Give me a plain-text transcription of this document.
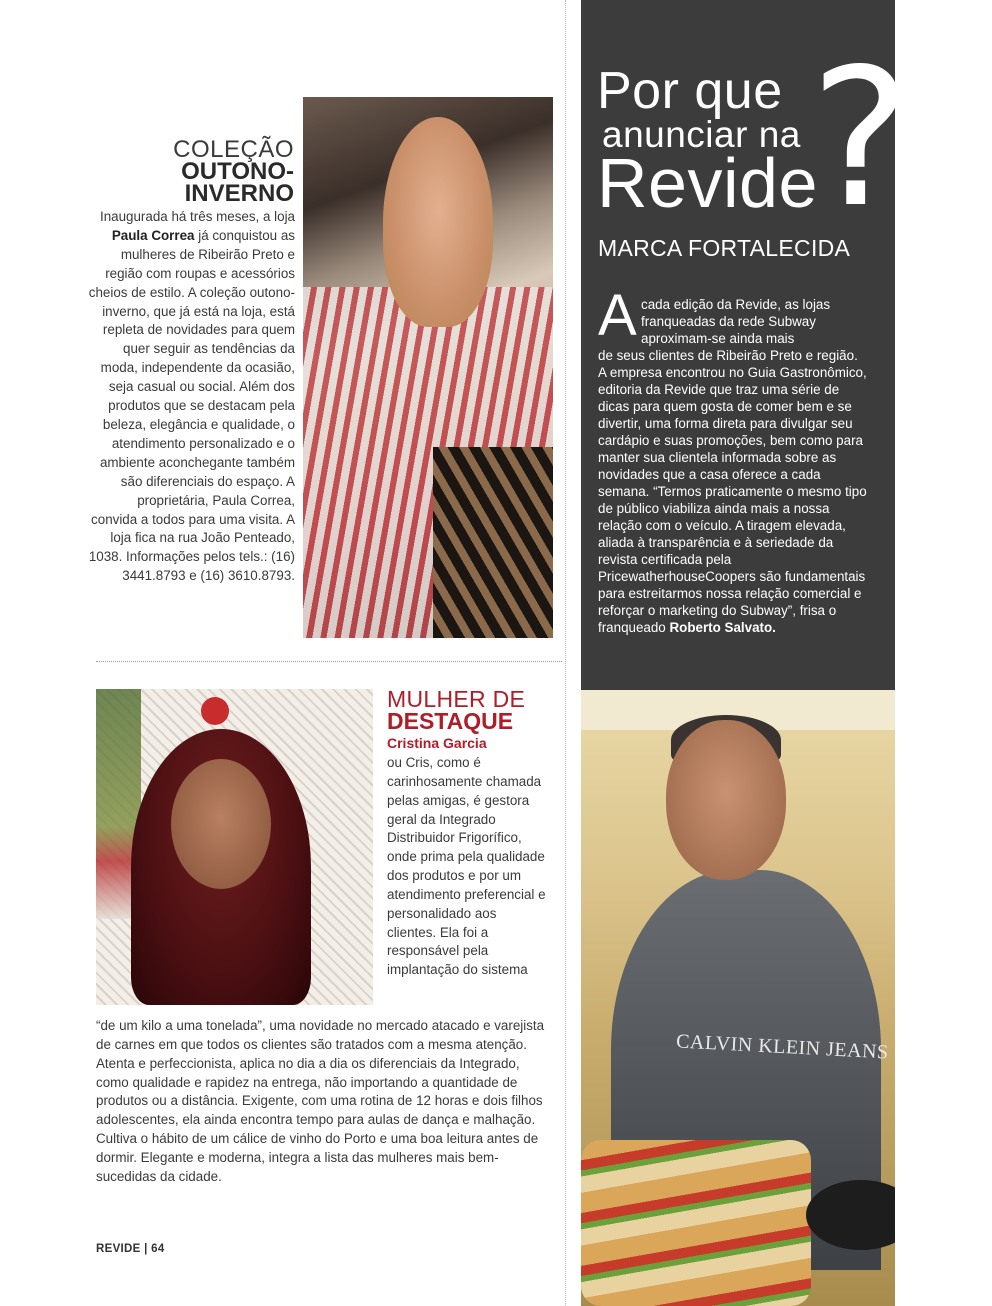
COLEÇÃO
OUTONO-
INVERNO
Inaugurada há três meses, a loja Paula Correa já conquistou as mulheres de Ribeirão Preto e região com roupas e acessórios cheios de estilo. A coleção outono-inverno, que já está na loja, está repleta de novidades para quem quer seguir as tendências da moda, independente da ocasião, seja casual ou social. Além dos produtos que se destacam pela beleza, elegância e qualidade, o atendimento personalizado e o ambiente aconchegante também são diferenciais do espaço. A proprietária, Paula Correa, convida a todos para uma visita. A loja fica na rua João Penteado, 1038. Informações pelos tels.: (16) 3441.8793 e (16) 3610.8793.
MULHER DE
DESTAQUE
Cristina Garcia
ou Cris, como é carinhosamente chamada pelas amigas, é gestora geral da Integrado Distribuidor Frigorífico, onde prima pela qualidade dos produtos e por um atendimento preferencial e personalidado aos clientes. Ela foi a responsável pela implantação do sistema
“de um kilo a uma tonelada”, uma novidade no mercado atacado e varejista de carnes em que todos os clientes são tratados com a mesma atenção. Atenta e perfeccionista, aplica no dia a dia os diferenciais da Integrado, como qualidade e rapidez na entrega, não importando a quantidade de produtos ou a distância. Exigente, com uma rotina de 12 horas e dois filhos adolescentes, ela ainda encontra tempo para aulas de dança e malhação. Cultiva o hábito de um cálice de vinho do Porto e uma boa leitura antes de dormir. Elegante e moderna, integra a lista das mulheres mais bem-sucedidas da cidade.
REVIDE | 64
Por que
anunciar na
Revide
?
MARCA FORTALECIDA
A cada edição da Revide, as lojas franqueadas da rede Subway aproximam-se ainda mais
de seus clientes de Ribeirão Preto e região. A empresa encontrou no Guia Gastronômico, editoria da Revide que traz uma série de dicas para quem gosta de comer bem e se divertir, uma forma direta para divulgar seu cardápio e suas promoções, bem como para manter sua clientela informada sobre as novidades que a casa oferece a cada semana. “Termos praticamente o mesmo tipo de público viabiliza ainda mais a nossa relação com o veículo. A tiragem elevada, aliada à transparência e à seriedade da revista certificada pela PricewatherhouseCoopers são fundamentais para estreitarmos nossa relação comercial e reforçar o marketing do Subway”, frisa o franqueado Roberto Salvato.
CALVIN KLEIN JEANS
